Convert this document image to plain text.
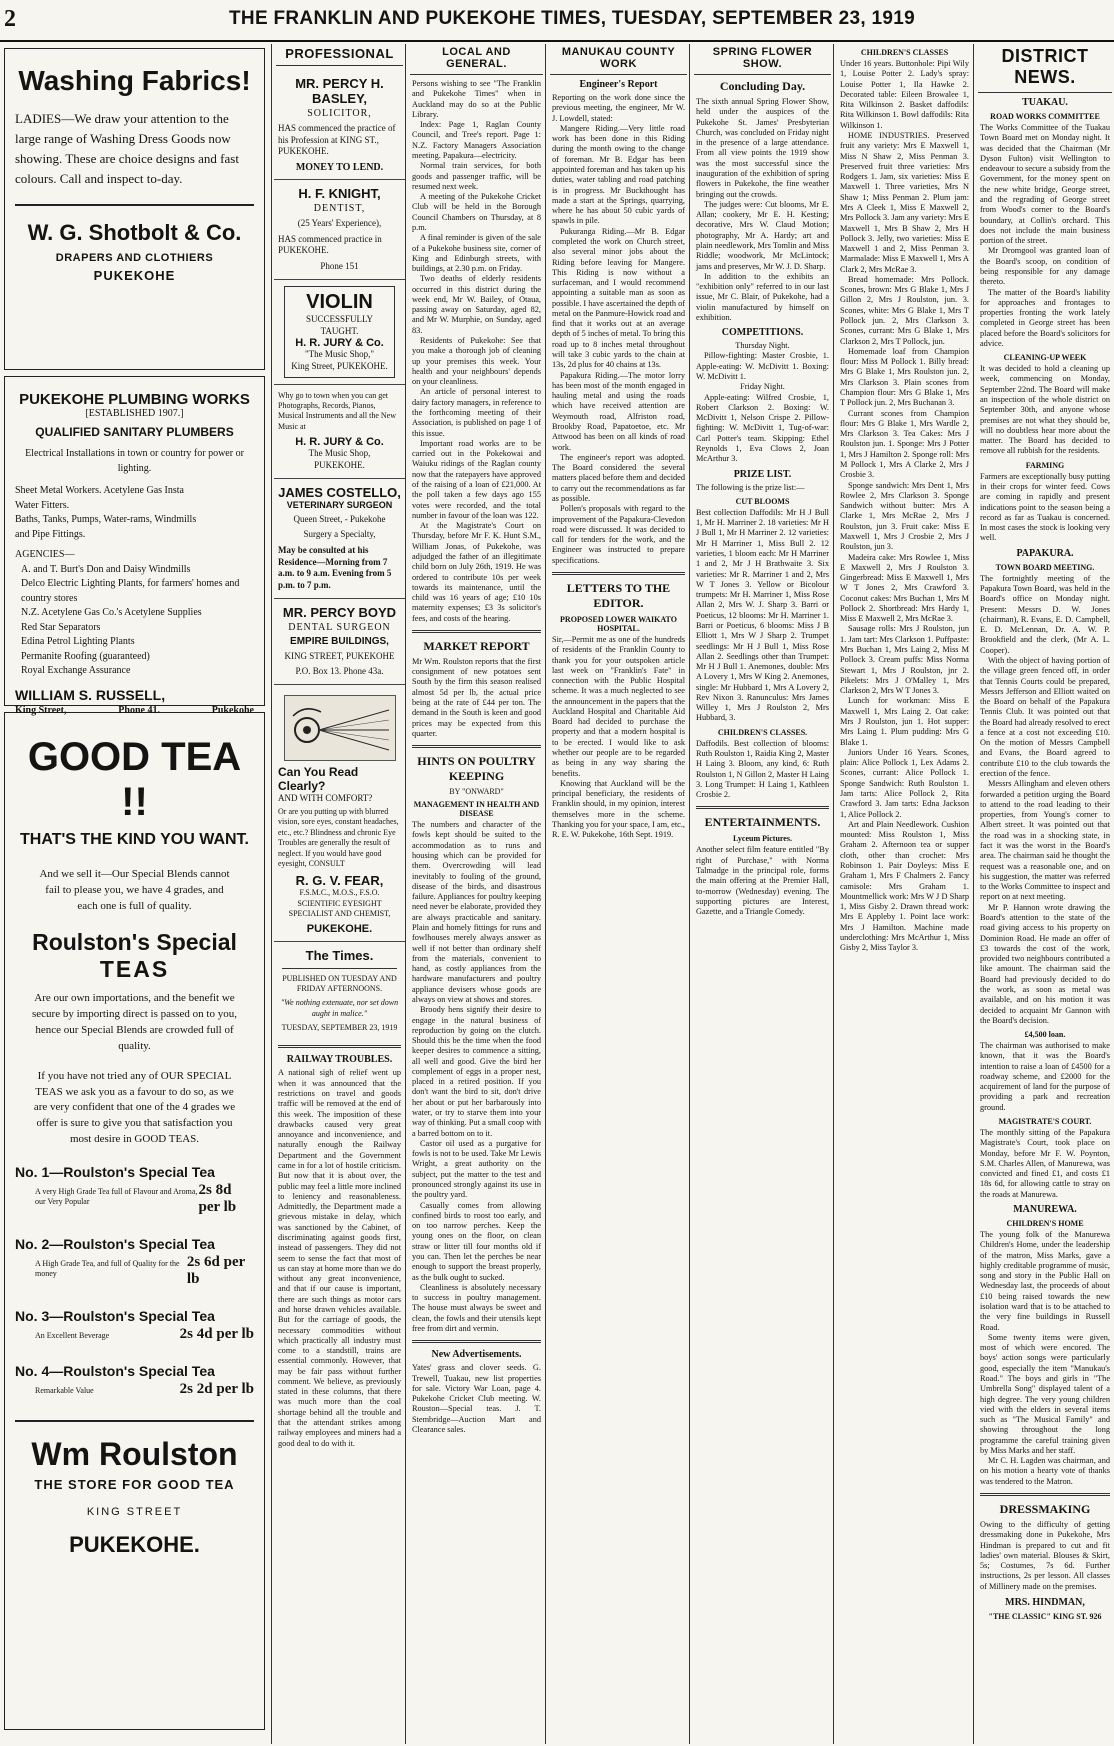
2	THE FRANKLIN AND PUKEKOHE TIMES, TUESDAY, SEPTEMBER 23, 1919
Washing Fabrics!
LADIES—We draw your attention to the large range of Washing Dress Goods now showing. These are choice designs and fast colours. Call and inspect to-day.
W. G. Shotbolt & Co.
DRAPERS AND CLOTHIERS
PUKEKOHE
PUKEKOHE PLUMBING WORKS
[ESTABLISHED 1907.]
QUALIFIED SANITARY PLUMBERS
Electrical Installations in town or country for power or lighting.
Sheet Metal Workers. Acetylene Gas Insta
Water Fitters.
Baths, Tanks, Pumps, Water-rams, Windmills
and Pipe Fittings.
AGENCIES—
A. and T. Burt's Don and Daisy Windmills
Delco Electric Lighting Plants, for farmers' homes and country stores
N.Z. Acetylene Gas Co.'s Acetylene Supplies
Red Star Separators
Edina Petrol Lighting Plants
Permanite Roofing (guaranteed)
Royal Exchange Assurance
WILLIAM S. RUSSELL,
King Street,	Phone 41.	Pukekohe
GOOD TEA !!
THAT'S THE KIND YOU WANT.
And we sell it—Our Special Blends cannot fail to please you, we have 4 grades, and each one is full of quality.
Roulston's Special
TEAS
Are our own importations, and the benefit we secure by importing direct is passed on to you, hence our Special Blends are crowded full of quality.
If you have not tried any of OUR SPECIAL TEAS we ask you as a favour to do so, as we are very confident that one of the 4 grades we offer is sure to give you that satisfaction you most desire in GOOD TEAS.
No. 1—Roulston's Special Tea
A very High Grade Tea full of Flavour and Aroma, our Very Popular
2s 8d per lb
No. 2—Roulston's Special Tea
A High Grade Tea, and full of Quality for the money
2s 6d per lb
No. 3—Roulston's Special Tea
An Excellent Beverage	2s 4d per lb
No. 4—Roulston's Special Tea
Remarkable Value	2s 2d per lb
Wm Roulston
THE STORE FOR GOOD TEA
KING STREET
PUKEKOHE.
PROFESSIONAL
MR. PERCY H. BASLEY,
SOLICITOR,
HAS commenced the practice of his Profession at KING ST., PUKEKOHE.
MONEY TO LEND.
H. F. KNIGHT,
DENTIST,
(25 Years' Experience),
HAS commenced practice in PUKEKOHE.
Phone 151
VIOLIN
SUCCESSFULLY TAUGHT.
H. R. JURY & Co.
"The Music Shop,"
King Street, PUKEKOHE.
Why go to town when you can get Photographs, Records, Pianos, Musical Instruments and all the New Music at
H. R. JURY & Co.
The Music Shop,
PUKEKOHE.
JAMES COSTELLO,
VETERINARY SURGEON
Queen Street, - Pukekohe
Surgery a Specialty,
May be consulted at his Residence—Morning from 7 a.m. to 9 a.m. Evening from 5 p.m. to 7 p.m.
MR. PERCY BOYD
DENTAL SURGEON
EMPIRE BUILDINGS,
KING STREET, PUKEKOHE
P.O. Box 13. Phone 43a.
Can You Read Clearly?
AND WITH COMFORT?
Or are you putting up with blurred vision, sore eyes, constant headaches, etc., etc.? Blindness and chronic Eye Troubles are generally the result of neglect. If you would have good eyesight, CONSULT
R. G. V. FEAR,
F.S.M.C., M.O.S., F.S.O.
SCIENTIFIC EYESIGHT SPECIALIST AND CHEMIST,
PUKEKOHE.
The Times.
PUBLISHED ON TUESDAY AND FRIDAY AFTERNOONS.
"We nothing extenuate, nor set down aught in malice."
TUESDAY, SEPTEMBER 23, 1919
RAILWAY TROUBLES.

A national sigh of relief went up when it was announced that the restrictions on travel and goods traffic will be removed at the end of this week. The imposition of these drawbacks caused very great annoyance and inconvenience, and naturally enough the Railway Department and the Government came in for a lot of hostile criticism. But now that it is about over, the public may feel a little more inclined to leniency and reasonableness. Admittedly, the Department made a grievous mistake in delay, which was sanctioned by the Cabinet, of discriminating against goods first, instead of passengers. They did not seem to sense the fact that most of us can stay at home more than we do without any great inconvenience, and that if our cause is important, there are such things as motor cars and horse drawn vehicles available. But for the carriage of goods, the necessary commodities without which practically all industry must come to a standstill, trains are essential commonly. However, that may be fair pass without further comment. We believe, as previously stated in these columns, that there was much more than the coal shortage behind all the trouble and that the attendant strikes among railway employees and miners had a good deal to do with it.

LOCAL AND GENERAL.

Persons wishing to see "The Franklin and Pukekohe Times" when in Auckland may do so at the Public Library.

Index: Page 1, Raglan County Council, and Tree's report. Page 1: N.Z. Factory Managers Association meeting. Papakura—electricity.

Normal train services, for both goods and passenger traffic, will be resumed next week.

A meeting of the Pukekohe Cricket Club will be held in the Borough Council Chambers on Thursday, at 8 p.m.

A final reminder is given of the sale of a Pukekohe business site, corner of King and Edinburgh streets, with buildings, at 2.30 p.m. on Friday.

Two deaths of elderly residents occurred in this district during the week end, Mr W. Bailey, of Otaua, passing away on Saturday, aged 82, and Mr W. Murphie, on Sunday, aged 83.

Residents of Pukekohe: See that you make a thorough job of cleaning up your premises this week. Your health and your neighbours' depends on your cleanliness.

An article of personal interest to dairy factory managers, in reference to the forthcoming meeting of their Association, is published on page 1 of this issue.

Important road works are to be carried out in the Pokekowai and Waiuku ridings of the Raglan county now that the ratepayers have approved of the raising of a loan of £21,000. At the poll taken a few days ago 155 votes were recorded, and the total number in favour of the loan was 122.

At the Magistrate's Court on Thursday, before Mr F. K. Hunt S.M., William Jonas, of Pukekohe, was adjudged the father of an illegitimate child born on July 26th, 1919. He was ordered to contribute 10s per week towards its maintenance, until the child was 16 years of age; £10 10s maternity expenses; £3 3s solicitor's fees, and costs of the hearing.

MARKET REPORT

Mr Wm. Roulston reports that the first consignment of new potatoes sent South by the firm this season realised almost 5d per lb, the actual price being at the rate of £44 per ton. The demand in the South is keen and good prices may be expected from this quarter.

HINTS ON POULTRY KEEPING
BY "ONWARD"
MANAGEMENT IN HEALTH AND DISEASE

The numbers and character of the fowls kept should be suited to the accommodation as to runs and housing which can be provided for them. Overcrowding will lead inevitably to fouling of the ground, disease of the birds, and disastrous failure. Appliances for poultry keeping need never be elaborate, provided they are always practicable and sanitary. Plain and homely fittings for runs and fowlhouses merely always answer as well if not better than ordinary shelf from the materials, convenient to hand, as costly appliances from the hardware manufacturers and poultry appliance devisers whose goods are always on view at shows and stores.

Broody hens signify their desire to engage in the natural business of reproduction by going on the clutch. Should this be the time when the food keeper desires to commence a sitting, all well and good. Give the bird her complement of eggs in a proper nest, placed in a retired position. If you don't want the bird to sit, don't drive her about or put her barbarously into water, or try to starve them into your way of thinking. Put a small coop with a barred bottom on to it.

Castor oil used as a purgative for fowls is not to be used. Take Mr Lewis Wright, a great authority on the subject, put the matter to the test and pronounced strongly against its use in the poultry yard.

Casually comes from allowing confined birds to roost too early, and on too narrow perches. Keep the young ones on the floor, on clean straw or litter till four months old if you can. Then let the perches be near enough to support the breast properly, as the bulk ought to sucked.

Cleanliness is absolutely necessary to success in poultry management. The house must always be sweet and clean, the fowls and their utensils kept free from dirt and vermin.

New Advertisements.

Yates' grass and clover seeds. G. Trewell, Tuakau, new list properties for sale. Victory War Loan, page 4. Pukekohe Cricket Club meeting. W. Rouston—Special teas. J. T. Stembridge—Auction Mart and Clearance sales.

MANUKAU COUNTY WORK
Engineer's Report

Reporting on the work done since the previous meeting, the engineer, Mr W. J. Lowdell, stated:

Mangere Riding.—Very little road work has been done in this Riding during the month owing to the change of foreman. Mr B. Edgar has been appointed foreman and has taken up his duties, water tabling and road patching is in progress. Mr Buckthought has made a start at the Springs, quarrying, where he has about 50 cubic yards of spawls in pile.

Pukuranga Riding.—Mr B. Edgar completed the work on Church street, also several minor jobs about the Riding before leaving for Mangere. This Riding is now without a surfaceman, and I would recommend appointing a suitable man as soon as possible. I have ascertained the depth of metal on the Panmure-Howick road and find that it works out at an average depth of 5 inches of metal. To bring this road up to 8 inches metal throughout will take 3 cubic yards to the chain at 13s, 2d plus for 40 chains at 13s.

Papakura Riding.—The motor lorry has been most of the month engaged in hauling metal and using the roads which have received attention are Weymouth road, Alfriston road, Brookby Road, Papatoetoe, etc. Mr Attwood has been on all kinds of road work.

The engineer's report was adopted. The Board considered the several matters placed before them and decided to carry out the recommendations as far as possible.

Pollen's proposals with regard to the improvement of the Papakura-Clevedon road were discussed. It was decided to call for tenders for the work, and the Engineer was instructed to prepare specifications.

LETTERS TO THE EDITOR.
PROPOSED LOWER WAIKATO HOSPITAL.

Sir,—Permit me as one of the hundreds of residents of the Franklin County to thank you for your outspoken article last week on "Franklin's Fate" in connection with the Public Hospital scheme. It was a much neglected to see the announcement in the papers that the Auckland Hospital and Charitable Aid Board had decided to purchase the property and that a modern hospital is to be erected. I would like to ask whether our people are to be regarded as being in any way sharing the benefits.

Knowing that Auckland will be the principal beneficiary, the residents of Franklin should, in my opinion, interest themselves more in the scheme. Thanking you for your space, I am, etc., R. E. W. Pukekohe, 16th Sept. 1919.

SPRING FLOWER SHOW.
Concluding Day.

The sixth annual Spring Flower Show, held under the auspices of the Pukekohe St. James' Presbyterian Church, was concluded on Friday night in the presence of a large attendance. From all view points the 1919 show was the most successful since the inauguration of the exhibition of spring flowers in Pukekohe, the fine weather bringing out the crowds.

The judges were: Cut blooms, Mr E. Allan; cookery, Mr E. H. Kesting; decorative, Mrs W. Claud Motion; photography, Mr A. Hardy; art and plain needlework, Mrs Tomlin and Miss Riddle; woodwork, Mr McLintock; jams and preserves, Mr W. J. D. Sharp.

In addition to the exhibits an "exhibition only" referred to in our last issue, Mr C. Blair, of Pukekohe, had a violin manufactured by himself on exhibition.

COMPETITIONS.

Thursday Night.

Pillow-fighting: Master Crosbie, 1. Apple-eating: W. McDivitt 1. Boxing: W. McDivitt 1.

Friday Night.

Apple-eating: Wilfred Crosbie, 1, Robert Clarkson 2. Boxing: W. McDivitt 1, Nelson Crispe 2. Pillow-fighting: W. McDivitt 1, Tug-of-war: Carl Potter's team. Skipping: Ethel Reynolds 1, Eva Clows 2, Joan McArthur 3.

PRIZE LIST.

The following is the prize list:—

CUT BLOOMS

Best collection Daffodils: Mr H J Bull 1, Mr H. Marriner 2. 18 varieties: Mr H J Bull 1, Mr H Marriner 2. 12 varieties: Mr H Marriner 1, Miss Bull 2. 12 varieties, 1 bloom each: Mr H Marriner 1 and 2, Mr J H Brathwaite 3. Six varieties: Mr R. Marriner 1 and 2, Mrs W T Jones 3. Yellow or Bicolour trumpets: Mr H. Marriner 1, Miss Rose Allan 2, Mrs W. J. Sharp 3. Barri or Poeticus, 12 blooms: Mr H. Marriner 1. Barri or Poeticus, 6 blooms: Miss J B Elliott 1, Mrs W J Sharp 2. Trumpet seedlings: Mr H J Bull 1, Miss Rose Allan 2. Seedlings other than Trumpet: Mr H J Bull 1. Anemones, double: Mrs A Lovery 1, Mrs W King 2. Anemones, single: Mr Hubbard 1, Mrs A Lovery 2, Rev Nixon 3. Ranunculus: Mrs James Willey 1, Mrs J Roulston 2, Mrs Hubbard, 3.

CHILDREN'S CLASSES.

Daffodils. Best collection of blooms: Ruth Roulston 1, Raidia King 2, Master H Laing 3. Bloom, any kind, 6: Ruth Roulston 1, N Gillon 2, Master H Laing 3. Long Trumpet: H Laing 1, Kathleen Crosbie 2.

ENTERTAINMENTS.
Lyceum Pictures.

Another select film feature entitled "By right of Purchase," with Norma Talmadge in the principal role, forms the main offering at the Premier Hall, to-morrow (Wednesday) evening. The supporting pictures are Interest, Gazette, and a Triangle Comedy.

CHILDREN'S CLASSES

Under 16 years. Buttonhole: Pipi Wily 1, Louise Potter 2. Lady's spray: Louise Potter 1, Ila Hawke 2. Decorated table: Eileen Browalee 1, Rita Wilkinson 2. Basket daffodils: Rita Wilkinson 1. Bowl daffodils: Rita Wilkinson 1.

HOME INDUSTRIES. Preserved fruit any variety: Mrs E Maxwell 1, Miss N Shaw 2, Miss Penman 3. Preserved fruit three varieties: Mrs Rodgers 1. Jam, six varieties: Miss E Maxwell 1. Three varieties, Mrs N Shaw 1; Miss Penman 2. Plum jam: Mrs A Cleek 1, Miss E Maxwell 2, Mrs Pollock 3. Jam any variety: Mrs E Maxwell 1, Mrs B Shaw 2, Mrs H Pollock 3. Jelly, two varieties: Miss E Maxwell 1 and 2, Miss Penman 3. Marmalade: Miss E Maxwell 1, Mrs A Clark 2, Mrs McRae 3.

Bread homemade: Mrs Pollock. Scones, brown: Mrs G Blake 1, Mrs J Gillon 2, Mrs J Roulston, jun. 3. Scones, white: Mrs G Blake 1, Mrs T Pollock jun. 2, Mrs Clarkson 3. Scones, currant: Mrs G Blake 1, Mrs Clarkson 2, Mrs T Pollock, jun.

Homemade loaf from Champion flour: Miss M Pollock 1. Billy bread: Mrs G Blake 1, Mrs Roulston jun. 2, Mrs Clarkson 3. Plain scones from Champion flour: Mrs G Blake 1, Mrs T Pollock jun. 2, Mrs Buchanan 3.

Currant scones from Champion flour: Mrs G Blake 1, Mrs Wardle 2, Mrs Clarkson 3. Tea Cakes: Mrs J Roulston jun. 1. Sponge: Mrs J Potter 1, Mrs J Hamilton 2. Sponge roll: Mrs M Pollock 1, Mrs A Clarke 2, Mrs J Crosbie 3.

Sponge sandwich: Mrs Dent 1, Mrs Rowlee 2, Mrs Clarkson 3. Sponge Sandwich without butter: Mrs A Clarke 1, Mrs McRae 2, Mrs J Roulston, jun 3. Fruit cake: Miss E Maxwell 1, Mrs J Crosbie 2, Mrs J Roulston, jun 3.

Madeira cake: Mrs Rowlee 1, Miss E Maxwell 2, Mrs J Roulston 3. Gingerbread: Miss E Maxwell 1, Mrs W T Jones 2, Mrs Crawford 3. Coconut cakes: Mrs Buchan 1, Mrs M Pollock 2. Shortbread: Mrs Hardy 1, Miss E Maxwell 2, Mrs McRae 3.

Sausage rolls: Mrs J Roulston, jun 1. Jam tart: Mrs Clarkson 1. Puffpaste: Mrs Buchan 1, Mrs Laing 2, Miss M Pollock 3. Cream puffs: Miss Norma Stewart 1, Mrs J Roulston, jnr 2. Pikelets: Mrs J O'Malley 1, Mrs Clarkson 2, Mrs W T Jones 3.

Lunch for workman: Miss E Maxwell 1, Mrs Laing 2. Oat cake: Mrs J Roulston, jun 1. Hot supper: Mrs Laing 1. Plum pudding: Mrs G Blake 1.

Juniors Under 16 Years. Scones, plain: Alice Pollock 1, Lex Adams 2. Scones, currant: Alice Pollock 1. Sponge Sandwich: Ruth Roulston 1. Jam tarts: Alice Pollock 2, Rita Crawford 3. Jam tarts: Edna Jackson 1, Alice Pollock 2.

Art and Plain Needlework. Cushion mounted: Miss Roulston 1, Miss Graham 2. Afternoon tea or supper cloth, other than crochet: Mrs Robinson 1. Pair Doyleys: Miss E Graham 1, Mrs F Chalmers 2. Fancy camisole: Mrs Graham 1. Mountmellick work: Mrs W J D Sharp 1, Miss Gisby 2. Drawn thread work: Mrs E Appleby 1. Point lace work: Mrs J Hamilton. Machine made underclothing: Mrs McArthur 1, Miss Gisby 2, Miss Taylor 3.

DISTRICT NEWS.
TUAKAU.
ROAD WORKS COMMITTEE

The Works Committee of the Tuakau Town Board met on Monday night. It was decided that the Chairman (Mr Dyson Fulton) visit Wellington to endeavour to secure a subsidy from the Government, for the money spent on the new white bridge, George street, and the regrading of George street from Wood's corner to the Board's boundary, at Collin's orchard. This does not include the main business portion of the street.

Mr Dromgool was granted loan of the Board's scoop, on condition of being responsible for any damage thereto.

The matter of the Board's liability for approaches and frontages to properties fronting the work lately completed in George street has been placed before the Board's solicitors for advice.

CLEANING-UP WEEK

It was decided to hold a cleaning up week, commencing on Monday, September 22nd. The Board will make an inspection of the whole district on September 30th, and anyone whose premises are not what they should be, will no doubtless hear more about the matter. The Board has decided to remove all rubbish for the residents.

FARMING

Farmers are exceptionally busy putting in their crops for winter feed. Cows are coming in rapidly and present indications point to the season being a record as far as Tuakau is concerned. In most cases the stock is looking very well.

PAPAKURA.
TOWN BOARD MEETING.

The fortnightly meeting of the Papakura Town Board, was held in the Board's office on Monday night. Present: Messrs D. W. Jones (chairman), R. Evans, E. D. Campbell, E. D. McLennan, Dr. A. W. P. Brookfield and the clerk, (Mr A. L. Cooper).

With the object of having portion of the village green fenced off, in order that Tennis Courts could be prepared, Messrs Jefferson and Elliott waited on the Board on behalf of the Papakura Tennis Club. It was pointed out that the Board had already resolved to erect a fence at a cost not exceeding £10. On the motion of Messrs Campbell and Evans, the Board agreed to contribute £10 to the club towards the erection of the fence.

Messrs Allingham and eleven others forwarded a petition urging the Board to attend to the road leading to their properties, from Young's corner to Albert street. It was pointed out that the road was in a shocking state, in fact it was the worst in the Board's area. The chairman said he thought the request was a reasonable one, and on his suggestion, the matter was referred to the Works Committee to inspect and report on at next meeting.

Mr P. Hannon wrote drawing the Board's attention to the state of the road giving access to his property on Dominion Road. He made an offer of £3 towards the cost of the work, provided two neighbours contributed a like amount. The chairman said the Board had previously decided to do the work, as soon as metal was available, and on his motion it was decided to acquaint Mr Gannon with the Board's decision.

£4,500 loan.

The chairman was authorised to make known, that it was the Board's intention to raise a loan of £4500 for a roadway scheme, and £2000 for the acquirement of land for the purpose of providing a park and recreation ground.

MAGISTRATE'S COURT.

The monthly sitting of the Papakura Magistrate's Court, took place on Monday, before Mr F. W. Poynton, S.M. Charles Allen, of Manurewa, was convicted and fined £1, and costs £1 18s 6d, for allowing cattle to stray on the roads at Manurewa.

MANUREWA.
CHILDREN'S HOME

The young folk of the Manurewa Children's Home, under the leadership of the matron, Miss Marks, gave a highly creditable programme of music, song and story in the Public Hall on Wednesday last, the proceeds of about £10 being raised towards the new isolation ward that is to be attached to the very fine buildings in Russell Road.

Some twenty items were given, most of which were encored. The boys' action songs were particularly good, especially the item "Manukau's Road." The boys and girls in "The Umbrella Song" displayed talent of a high degree. The very young children vied with the elders in several items such as "The Musical Family" and showing throughout the long programme the careful training given by Miss Marks and her staff.

Mr C. H. Lagden was chairman, and on his motion a hearty vote of thanks was tendered to the Matron.

DRESSMAKING

Owing to the difficulty of getting dressmaking done in Pukekohe, Mrs Hindman is prepared to cut and fit ladies' own material. Blouses & Skirt, 5s; Costumes, 7s 6d. Further instructions, 2s per lesson. All classes of Millinery made on the premises.

MRS. HINDMAN,
"THE CLASSIC" KING ST. 926
